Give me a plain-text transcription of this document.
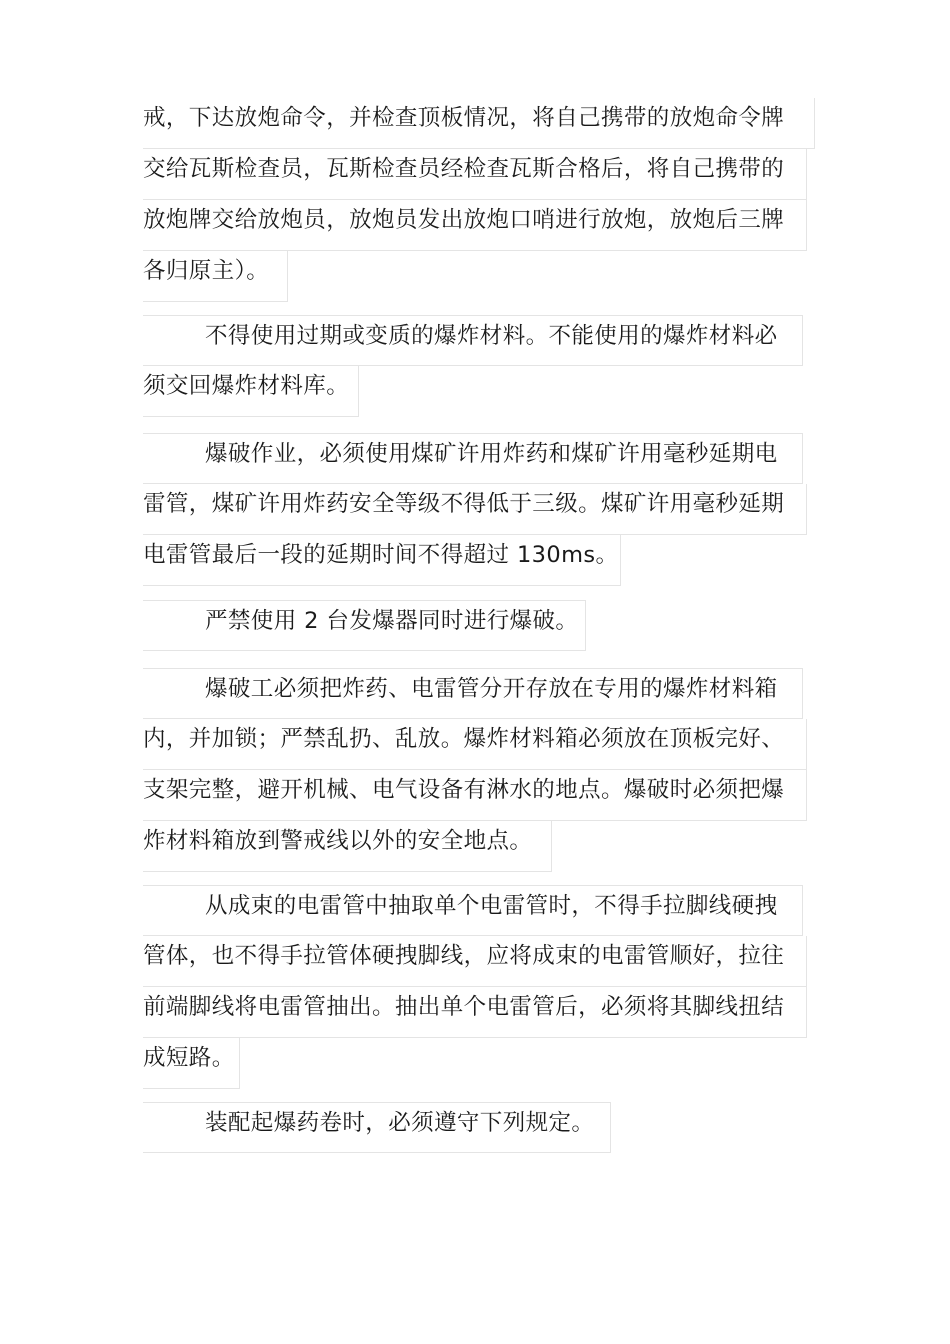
戒，下达放炮命令，并检查顶板情况，将自己携带的放炮命令牌
交给瓦斯检查员，瓦斯检查员经检查瓦斯合格后，将自己携带的
放炮牌交给放炮员，放炮员发出放炮口哨进行放炮，放炮后三牌
各归原主）。
不得使用过期或变质的爆炸材料。不能使用的爆炸材料必
须交回爆炸材料库。
爆破作业，必须使用煤矿许用炸药和煤矿许用毫秒延期电
雷管，煤矿许用炸药安全等级不得低于三级。煤矿许用毫秒延期
电雷管最后一段的延期时间不得超过 130ms。
严禁使用 2 台发爆器同时进行爆破。
爆破工必须把炸药、电雷管分开存放在专用的爆炸材料箱
内，并加锁；严禁乱扔、乱放。爆炸材料箱必须放在顶板完好、
支架完整，避开机械、电气设备有淋水的地点。爆破时必须把爆
炸材料箱放到警戒线以外的安全地点。
从成束的电雷管中抽取单个电雷管时，不得手拉脚线硬拽
管体，也不得手拉管体硬拽脚线，应将成束的电雷管顺好，拉往
前端脚线将电雷管抽出。抽出单个电雷管后，必须将其脚线扭结
成短路。
装配起爆药卷时，必须遵守下列规定。
